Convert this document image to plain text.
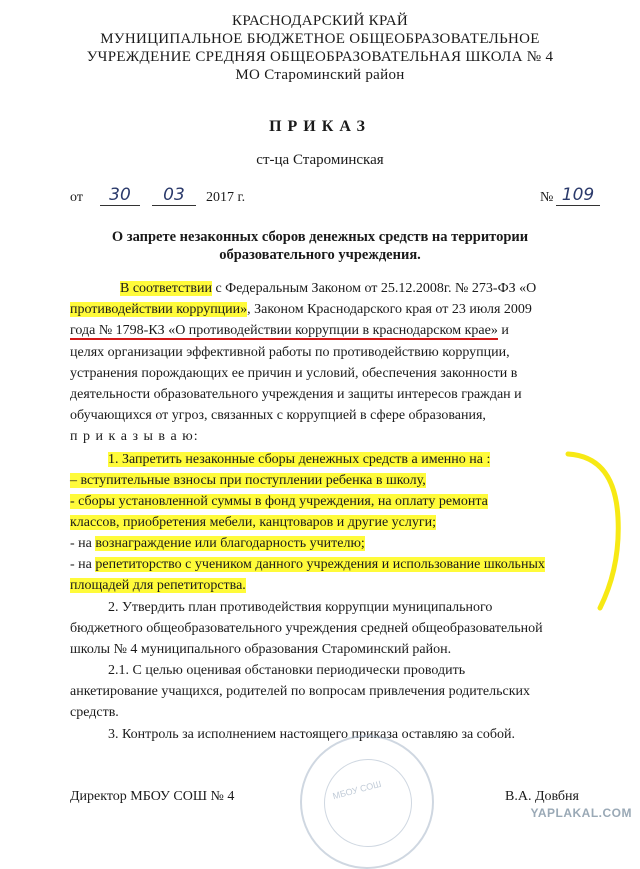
КРАСНОДАРСКИЙ КРАЙ
МУНИЦИПАЛЬНОЕ БЮДЖЕТНОЕ ОБЩЕОБРАЗОВАТЕЛЬНОЕ
УЧРЕЖДЕНИЕ СРЕДНЯЯ ОБЩЕОБРАЗОВАТЕЛЬНАЯ ШКОЛА № 4
МО Староминский район
ПРИКАЗ
ст-ца Староминская
от	30	03	2017 г.	№ 109
О запрете незаконных сборов денежных средств на территории
образовательного учреждения.
В соответствии с Федеральным Законом от 25.12.2008г. № 273-ФЗ «О
противодействии коррупции», Законом Краснодарского края от 23 июля 2009
года № 1798-КЗ «О противодействии коррупции в краснодарском крае» и
целях организации эффективной работы по противодействию коррупции,
устранения порождающих ее причин и условий, обеспечения законности в
деятельности образовательного учреждения и защиты интересов граждан и
обучающихся от угроз, связанных с коррупцией в сфере образования,
п р и к а з ы в а ю:
1. Запретить незаконные сборы денежных средств а именно на :
– вступительные взносы при поступлении ребенка в школу,
- сборы установленной суммы в фонд учреждения, на оплату ремонта
классов, приобретения мебели, канцтоваров и другие услуги;
- на вознаграждение или благодарность учителю;
- на репетиторство с учеником данного учреждения и использование школьных
площадей для репетиторства.
2. Утвердить план противодействия коррупции муниципального
бюджетного общеобразовательного учреждения средней общеобразовательной
школы № 4 муниципального образования Староминский район.
2.1. С целью оценивая обстановки периодически проводить
анкетирование учащихся, родителей по вопросам привлечения родительских
средств.
3. Контроль за исполнением настоящего приказа оставляю за собой.
МБОУ СОШ
Директор МБОУ СОШ № 4	В.А. Довбня
YAPLAKAL.COM
